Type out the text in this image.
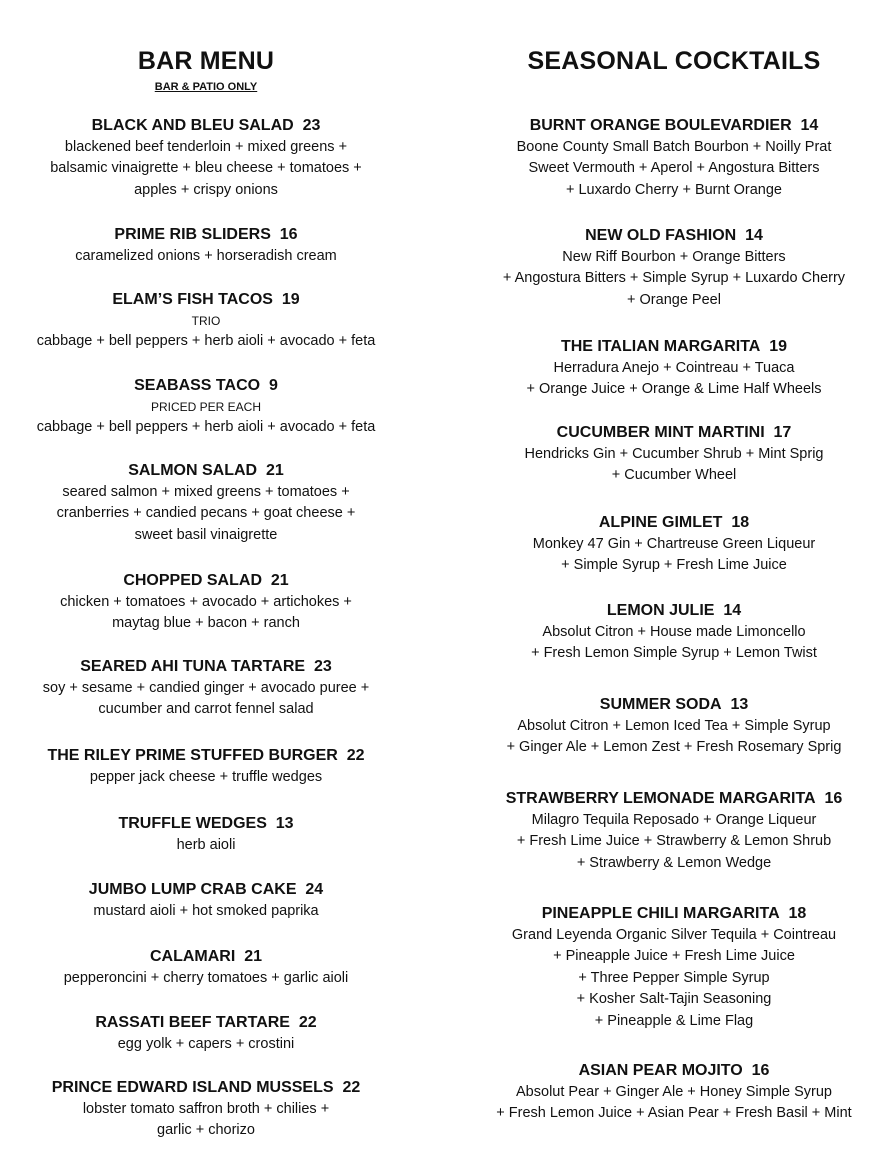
BAR MENU
BAR & PATIO ONLY
BLACK AND BLEU SALAD 23
blackened beef tenderloin + mixed greens +
balsamic vinaigrette + bleu cheese + tomatoes +
apples + crispy onions
PRIME RIB SLIDERS 16
caramelized onions + horseradish cream
ELAM’S FISH TACOS 19
TRIO
cabbage + bell peppers + herb aioli + avocado + feta
SEABASS TACO 9
PRICED PER EACH
cabbage + bell peppers + herb aioli + avocado + feta
SALMON SALAD 21
seared salmon + mixed greens + tomatoes +
cranberries + candied pecans + goat cheese +
sweet basil vinaigrette
CHOPPED SALAD 21
chicken + tomatoes + avocado + artichokes +
maytag blue + bacon + ranch
SEARED AHI TUNA TARTARE 23
soy + sesame + candied ginger + avocado puree +
cucumber and carrot fennel salad
THE RILEY PRIME STUFFED BURGER 22
pepper jack cheese + truffle wedges
TRUFFLE WEDGES 13
herb aioli
JUMBO LUMP CRAB CAKE 24
mustard aioli + hot smoked paprika
CALAMARI 21
pepperoncini + cherry tomatoes + garlic aioli
RASSATI BEEF TARTARE 22
egg yolk + capers + crostini
PRINCE EDWARD ISLAND MUSSELS 22
lobster tomato saffron broth + chilies +
garlic + chorizo
SEASONAL COCKTAILS
BURNT ORANGE BOULEVARDIER 14
Boone County Small Batch Bourbon + Noilly Prat
Sweet Vermouth + Aperol + Angostura Bitters
+ Luxardo Cherry + Burnt Orange
NEW OLD FASHION 14
New Riff Bourbon + Orange Bitters
+ Angostura Bitters + Simple Syrup + Luxardo Cherry
+ Orange Peel
THE ITALIAN MARGARITA 19
Herradura Anejo + Cointreau + Tuaca
+ Orange Juice + Orange & Lime Half Wheels
CUCUMBER MINT MARTINI 17
Hendricks Gin + Cucumber Shrub + Mint Sprig
+ Cucumber Wheel
ALPINE GIMLET 18
Monkey 47 Gin + Chartreuse Green Liqueur
+ Simple Syrup + Fresh Lime Juice
LEMON JULIE 14
Absolut Citron + House made Limoncello
+ Fresh Lemon Simple Syrup + Lemon Twist
SUMMER SODA 13
Absolut Citron + Lemon Iced Tea + Simple Syrup
+ Ginger Ale + Lemon Zest + Fresh Rosemary Sprig
STRAWBERRY LEMONADE MARGARITA 16
Milagro Tequila Reposado + Orange Liqueur
+ Fresh Lime Juice + Strawberry & Lemon Shrub
+ Strawberry & Lemon Wedge
PINEAPPLE CHILI MARGARITA 18
Grand Leyenda Organic Silver Tequila + Cointreau
+ Pineapple Juice + Fresh Lime Juice
+ Three Pepper Simple Syrup
+ Kosher Salt-Tajin Seasoning
+ Pineapple & Lime Flag
ASIAN PEAR MOJITO 16
Absolut Pear + Ginger Ale + Honey Simple Syrup
+ Fresh Lemon Juice + Asian Pear + Fresh Basil + Mint
